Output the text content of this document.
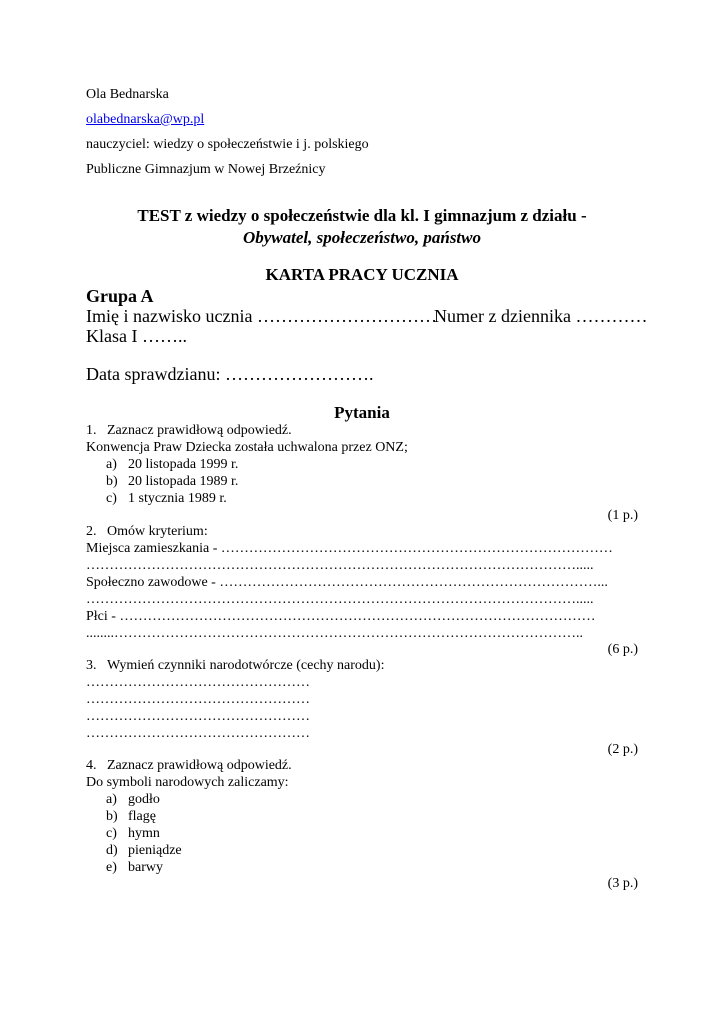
Ola Bednarska
olabednarska@wp.pl
nauczyciel: wiedzy o społeczeństwie i j. polskiego
Publiczne Gimnazjum w Nowej Brzeźnicy
TEST z wiedzy o społeczeństwie dla kl. I gimnazjum z działu -
Obywatel, społeczeństwo, państwo
KARTA PRACY UCZNIA
Grupa A
Imię i nazwisko ucznia …………………………
Numer z dziennika …………
Klasa I ……..
Data sprawdzianu: …………………….
Pytania
1. Zaznacz prawidłową odpowiedź.
Konwencja Praw Dziecka została uchwalona przez ONZ;
a) 20 listopada 1999 r.
b) 20 listopada 1989 r.
c) 1 stycznia 1989 r.
(1 p.)
2. Omów kryterium:
Miejsca zamieszkania - …………………………………………………………………………
…………………………………………………………………………………………….....
Społeczno zawodowe - ………………………………………………………………………...
…………………………………………………………………………………………….....
Płci - …………………………………………………………………………………………
........………………………………………………………………………………………..
(6 p.)
3. Wymień czynniki narodotwórcze (cechy narodu):
…………………………………………
…………………………………………
…………………………………………
…………………………………………
(2 p.)
4. Zaznacz prawidłową odpowiedź.
Do symboli narodowych zaliczamy:
a) godło
b) flagę
c) hymn
d) pieniądze
e) barwy
(3 p.)
